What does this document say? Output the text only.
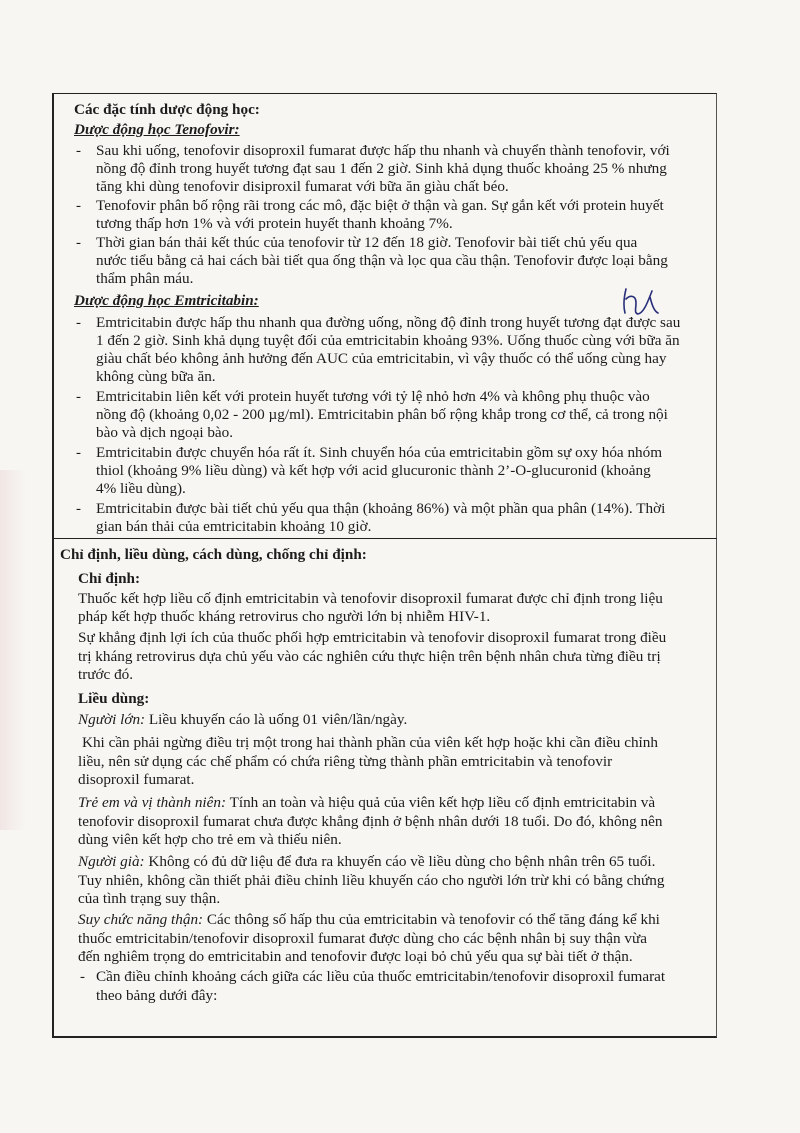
Các đặc tính dược động học:
Dược động học Tenofovir:
- Sau khi uống, tenofovir disoproxil fumarat được hấp thu nhanh và chuyển thành tenofovir, với
nồng độ đỉnh trong huyết tương đạt sau 1 đến 2 giờ. Sinh khả dụng thuốc khoảng 25 % nhưng
tăng khi dùng tenofovir disiproxil fumarat với bữa ăn giàu chất béo.
- Tenofovir phân bố rộng rãi trong các mô, đặc biệt ở thận và gan. Sự gắn kết với protein huyết
tương thấp hơn 1% và với protein huyết thanh khoảng 7%.
- Thời gian bán thải kết thúc của tenofovir từ 12 đến 18 giờ. Tenofovir bài tiết chủ yếu qua
nước tiểu bằng cả hai cách bài tiết qua ống thận và lọc qua cầu thận. Tenofovir được loại bằng
thẩm phân máu.
Dược động học Emtricitabin:
- Emtricitabin được hấp thu nhanh qua đường uống, nồng độ đỉnh trong huyết tương đạt được sau
1 đến 2 giờ. Sinh khả dụng tuyệt đối của emtricitabin khoảng 93%. Uống thuốc cùng với bữa ăn
giàu chất béo không ảnh hưởng đến AUC của emtricitabin, vì vậy thuốc có thể uống cùng hay
không cùng bữa ăn.
- Emtricitabin liên kết với protein huyết tương với tỷ lệ nhỏ hơn 4% và không phụ thuộc vào
nồng độ (khoảng 0,02 - 200 µg/ml). Emtricitabin phân bố rộng khắp trong cơ thể, cả trong nội
bào và dịch ngoại bào.
- Emtricitabin được chuyển hóa rất ít. Sinh chuyển hóa của emtricitabin gồm sự oxy hóa nhóm
thiol (khoảng 9% liều dùng) và kết hợp với acid glucuronic thành 2’-O-glucuronid (khoảng
4% liều dùng).
- Emtricitabin được bài tiết chủ yếu qua thận (khoảng 86%) và một phần qua phân (14%). Thời
gian bán thải của emtricitabin khoảng 10 giờ.
Chỉ định, liều dùng, cách dùng, chống chỉ định:
Chỉ định:
Thuốc kết hợp liều cố định emtricitabin và tenofovir disoproxil fumarat được chỉ định trong liệu
pháp kết hợp thuốc kháng retrovirus cho người lớn bị nhiễm HIV-1.
Sự khẳng định lợi ích của thuốc phối hợp emtricitabin và tenofovir disoproxil fumarat trong điều
trị kháng retrovirus dựa chủ yếu vào các nghiên cứu thực hiện trên bệnh nhân chưa từng điều trị
trước đó.
Liều dùng:
Người lớn: Liều khuyến cáo là uống 01 viên/lần/ngày.
Khi cần phải ngừng điều trị một trong hai thành phần của viên kết hợp hoặc khi cần điều chỉnh
liều, nên sử dụng các chế phẩm có chứa riêng từng thành phần emtricitabin và tenofovir
disoproxil fumarat.
Trẻ em và vị thành niên: Tính an toàn và hiệu quả của viên kết hợp liều cố định emtricitabin và
tenofovir disoproxil fumarat chưa được khẳng định ở bệnh nhân dưới 18 tuổi. Do đó, không nên
dùng viên kết hợp cho trẻ em và thiếu niên.
Người già: Không có đủ dữ liệu để đưa ra khuyến cáo về liều dùng cho bệnh nhân trên 65 tuổi.
Tuy nhiên, không cần thiết phải điều chỉnh liều khuyến cáo cho người lớn trừ khi có bằng chứng
của tình trạng suy thận.
Suy chức năng thận: Các thông số hấp thu của emtricitabin và tenofovir có thể tăng đáng kể khi
thuốc emtricitabin/tenofovir disoproxil fumarat được dùng cho các bệnh nhân bị suy thận vừa
đến nghiêm trọng do emtricitabin and tenofovir được loại bỏ chủ yếu qua sự bài tiết ở thận.
- Cần điều chỉnh khoảng cách giữa các liều của thuốc emtricitabin/tenofovir disoproxil fumarat
theo bảng dưới đây:
